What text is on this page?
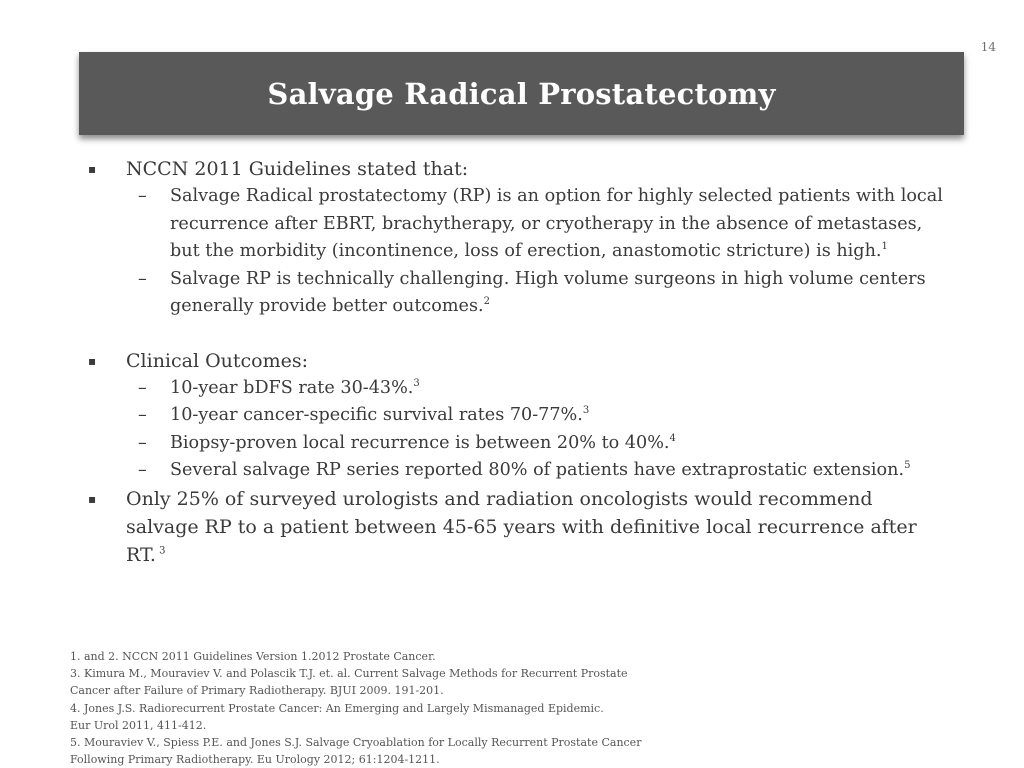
14
Salvage Radical Prostatectomy
▪	NCCN 2011 Guidelines stated that:
–	Salvage Radical prostatectomy (RP) is an option for highly selected patients with local recurrence after EBRT, brachytherapy, or cryotherapy in the absence of metastases, but the morbidity (incontinence, loss of erection, anastomotic stricture) is high.$^1$
–	Salvage RP is technically challenging. High volume surgeons in high volume centers generally provide better outcomes.$^2$
▪	Clinical Outcomes:
–	10-year bDFS rate 30-43%.$^3$
–	10-year cancer-specific survival rates 70-77%.$^3$
–	Biopsy-proven local recurrence is between 20% to 40%.$^4$
–	Several salvage RP series reported 80% of patients have extraprostatic extension.$^5$
▪	Only 25% of surveyed urologists and radiation oncologists would recommend salvage RP to a patient between 45-65 years with definitive local recurrence after RT. $^3$
1. and 2. NCCN 2011 Guidelines Version 1.2012 Prostate Cancer.
3. Kimura M., Mouraviev V. and Polascik T.J. et. al. Current Salvage Methods for Recurrent Prostate
Cancer after Failure of Primary Radiotherapy. BJUI 2009. 191-201.
4. Jones J.S. Radiorecurrent Prostate Cancer: An Emerging and Largely Mismanaged Epidemic.
Eur Urol 2011, 411-412.
5. Mouraviev V., Spiess P.E. and Jones S.J. Salvage Cryoablation for Locally Recurrent Prostate Cancer
Following Primary Radiotherapy. Eu Urology 2012; 61:1204-1211.
